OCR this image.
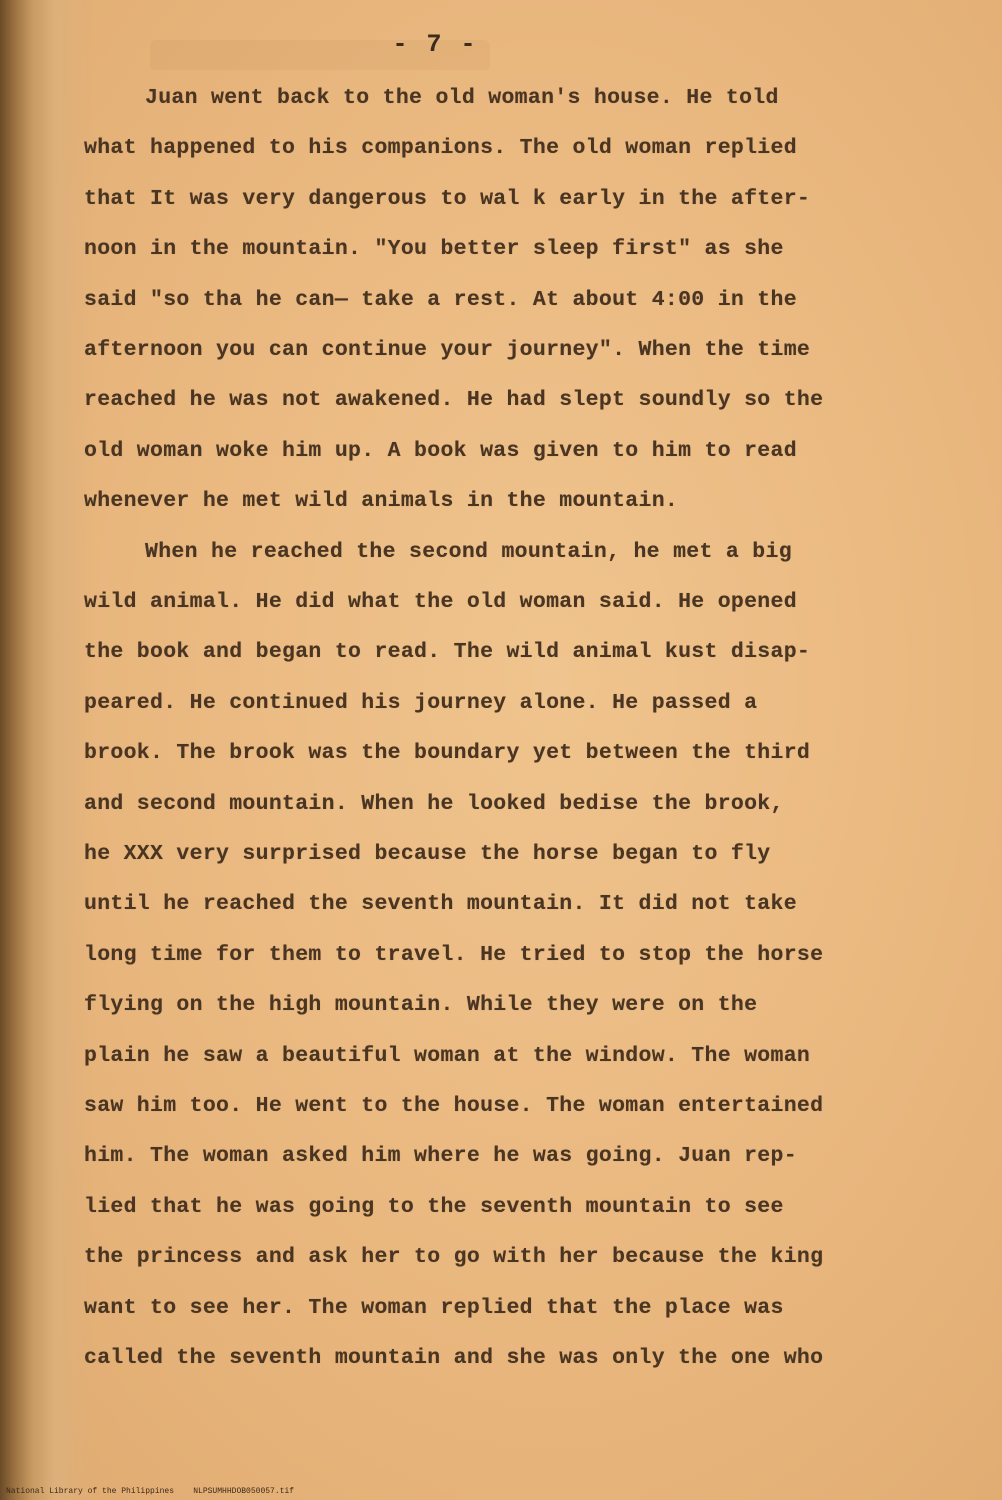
- 7 -
Juan went back to the old woman's house. He told
what happened to his companions. The old woman replied
that It was very dangerous to wal k early in the after-
noon in the mountain. "You better sleep first" as she
said "so tha he can— take a rest. At about 4:00 in the
afternoon you can continue your journey". When the time
reached he was not awakened. He had slept soundly so the
old woman woke him up. A book was given to him to read
whenever he met wild animals in the mountain.
When he reached the second mountain, he met a big
wild animal. He did what the old woman said. He opened
the book and began to read. The wild animal kust disap-
peared. He continued his journey alone. He passed a
brook. The brook was the boundary yet between the third
and second mountain. When he looked bedise the brook,
he XXX very surprised because the horse began to fly
until he reached the seventh mountain. It did not take
long time for them to travel. He tried to stop the horse
flying on the high mountain. While they were on the
plain he saw a beautiful woman at the window. The woman
saw him too. He went to the house. The woman entertained
him. The woman asked him where he was going. Juan rep-
lied that he was going to the seventh mountain to see
the princess and ask her to go with her because the king
want to see her. The woman replied that the place was
called the seventh mountain and she was only the one who
National Library of the Philippines    NLPSUMHHDOB050057.tif
